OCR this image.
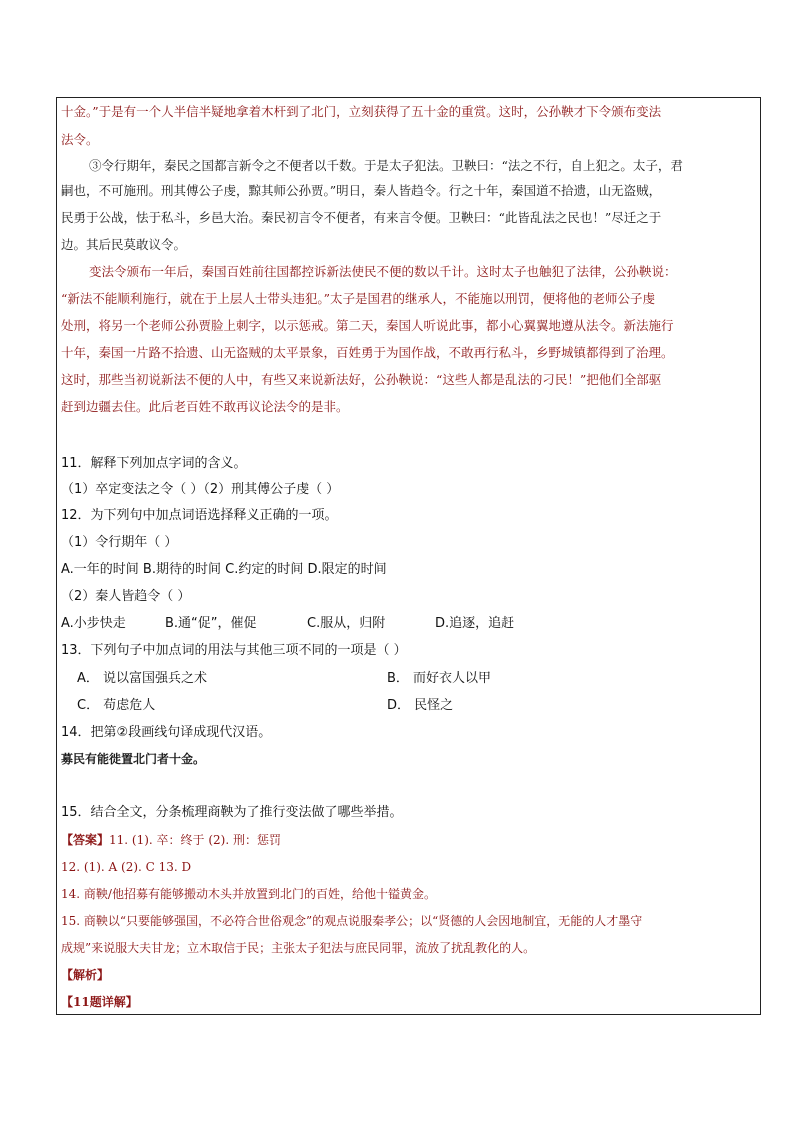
十金。”于是有一个人半信半疑地拿着木杆到了北门，立刻获得了五十金的重赏。这时，公孙鞅才下令颁布变法
法令。
③令行期年，秦民之国都言新令之不便者以千数。于是太子犯法。卫鞅曰：“法之不行，自上犯之。太子，君
嗣也，不可施刑。刑其傅公子虔，黥其师公孙贾。”明日，秦人皆趋令。行之十年，秦国道不拾遗，山无盗贼，
民勇于公战，怯于私斗，乡邑大治。秦民初言令不便者，有来言令便。卫鞅曰：“此皆乱法之民也！”尽迁之于
边。其后民莫敢议令。
变法令颁布一年后，秦国百姓前往国都控诉新法使民不便的数以千计。这时太子也触犯了法律，公孙鞅说：
“新法不能顺利施行，就在于上层人士带头违犯。”太子是国君的继承人，不能施以刑罚，便将他的老师公子虔
处刑，将另一个老师公孙贾脸上刺字，以示惩戒。第二天，秦国人听说此事，都小心翼翼地遵从法令。新法施行
十年，秦国一片路不拾遗、山无盗贼的太平景象，百姓勇于为国作战，不敢再行私斗，乡野城镇都得到了治理。
这时，那些当初说新法不便的人中，有些又来说新法好，公孙鞅说：“这些人都是乱法的刁民！”把他们全部驱
赶到边疆去住。此后老百姓不敢再议论法令的是非。
11．解释下列加点字词的含义。
（1）卒定变法之令（ ）（2）刑其傅公子虔（ ）
12．为下列句中加点词语选择释义正确的一项。
（1）令行期年（ ）
A.一年的时间 B.期待的时间 C.约定的时间 D.限定的时间
（2）秦人皆趋令（ ）
A.小步快走	B.通“促”，催促	C.服从，归附	D.追逐，追赶
13．下列句子中加点词的用法与其他三项不同的一项是（ ）
A． 说以富国强兵之术	B． 而好衣人以甲
C． 苟虑危人	D． 民怪之
14．把第②段画线句译成现代汉语。
募民有能徙置北门者十金。
15．结合全文，分条梳理商鞅为了推行变法做了哪些举措。
【答案】11. (1). 卒：终于 (2). 刑：惩罚
12. (1). A (2). C 13. D
14. 商鞅/他招募有能够搬动木头并放置到北门的百姓，给他十镒黄金。
15. 商鞅以“只要能够强国，不必符合世俗观念”的观点说服秦孝公；以“贤德的人会因地制宜，无能的人才墨守
成规”来说服大夫甘龙；立木取信于民；主张太子犯法与庶民同罪，流放了扰乱教化的人。
【解析】
【11题详解】
